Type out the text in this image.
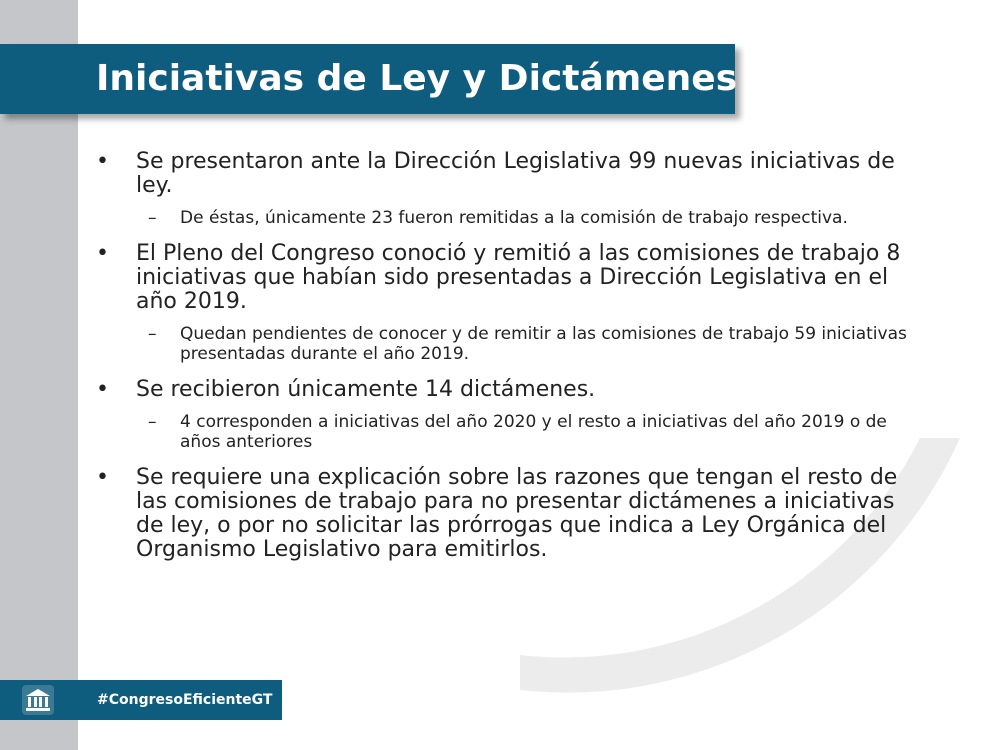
Iniciativas de Ley y Dictámenes
• Se presentaron ante la Dirección Legislativa 99 nuevas iniciativas de ley.
– De éstas, únicamente 23 fueron remitidas a la comisión de trabajo respectiva.
• El Pleno del Congreso conoció y remitió a las comisiones de trabajo 8 iniciativas que habían sido presentadas a Dirección Legislativa en el año 2019.
– Quedan pendientes de conocer y de remitir a las comisiones de trabajo 59 iniciativas presentadas durante el año 2019.
• Se recibieron únicamente 14 dictámenes.
– 4 corresponden a iniciativas del año 2020 y el resto a iniciativas del año 2019 o de años anteriores
• Se requiere una explicación sobre las razones que tengan el resto de las comisiones de trabajo para no presentar dictámenes a iniciativas de ley, o por no solicitar las prórrogas que indica a Ley Orgánica del Organismo Legislativo para emitirlos.
#CongresoEficienteGT
